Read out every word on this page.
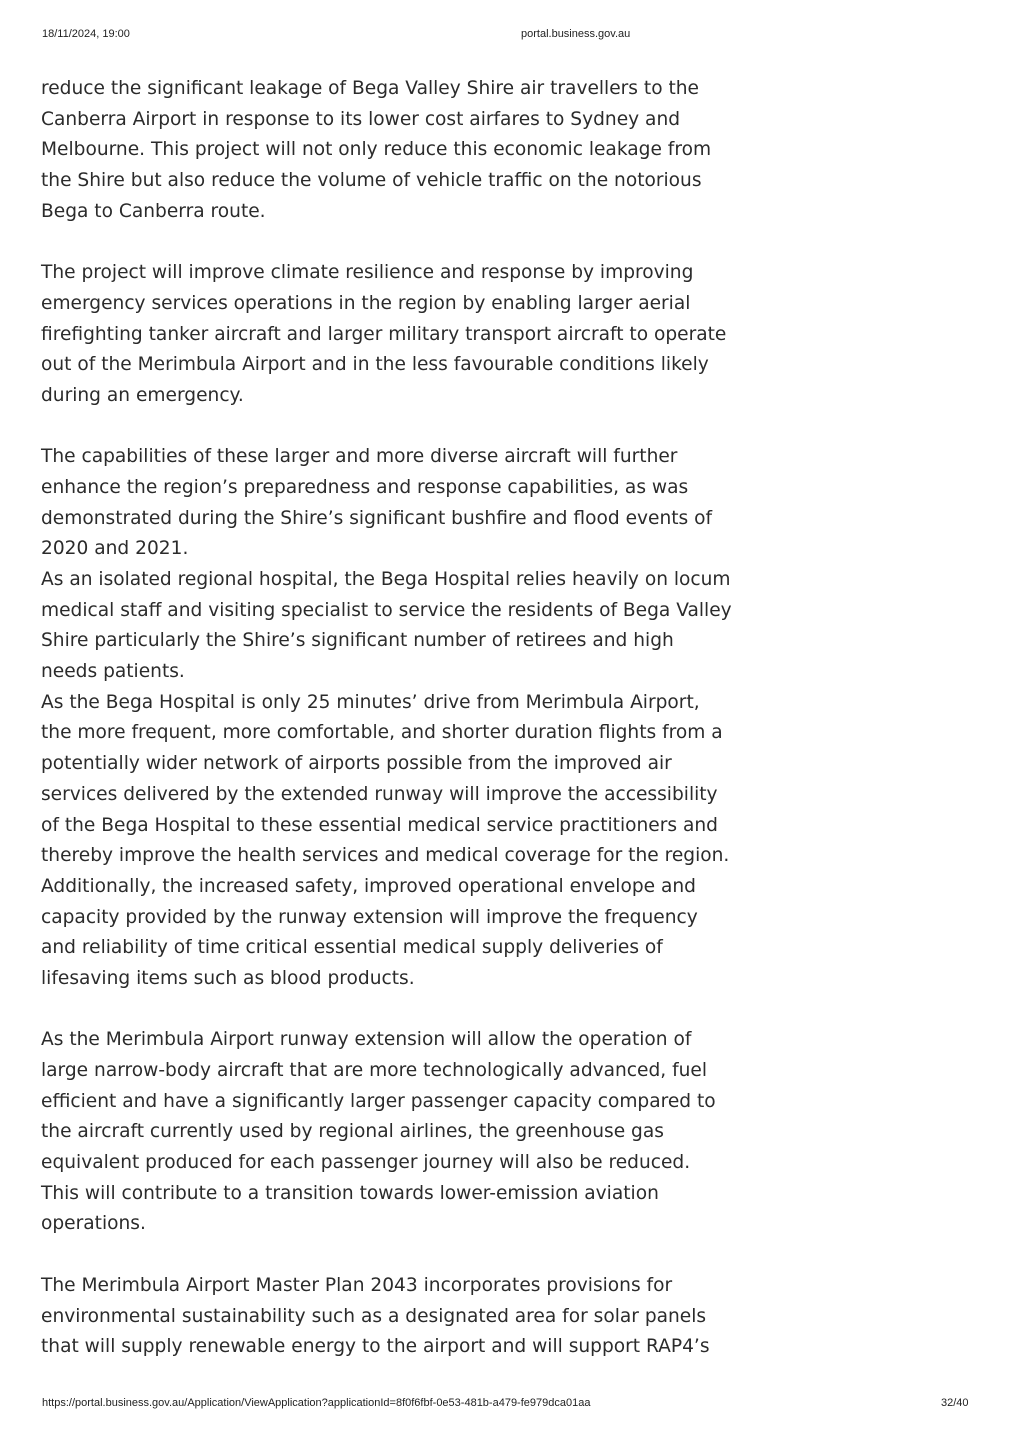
18/11/2024, 19:00	portal.business.gov.au
reduce the significant leakage of Bega Valley Shire air travellers to the
Canberra Airport in response to its lower cost airfares to Sydney and
Melbourne. This project will not only reduce this economic leakage from
the Shire but also reduce the volume of vehicle traffic on the notorious
Bega to Canberra route.
The project will improve climate resilience and response by improving
emergency services operations in the region by enabling larger aerial
firefighting tanker aircraft and larger military transport aircraft to operate
out of the Merimbula Airport and in the less favourable conditions likely
during an emergency.
The capabilities of these larger and more diverse aircraft will further
enhance the region’s preparedness and response capabilities, as was
demonstrated during the Shire’s significant bushfire and flood events of
2020 and 2021.
As an isolated regional hospital, the Bega Hospital relies heavily on locum
medical staff and visiting specialist to service the residents of Bega Valley
Shire particularly the Shire’s significant number of retirees and high
needs patients.
As the Bega Hospital is only 25 minutes’ drive from Merimbula Airport,
the more frequent, more comfortable, and shorter duration flights from a
potentially wider network of airports possible from the improved air
services delivered by the extended runway will improve the accessibility
of the Bega Hospital to these essential medical service practitioners and
thereby improve the health services and medical coverage for the region.
Additionally, the increased safety, improved operational envelope and
capacity provided by the runway extension will improve the frequency
and reliability of time critical essential medical supply deliveries of
lifesaving items such as blood products.
As the Merimbula Airport runway extension will allow the operation of
large narrow-body aircraft that are more technologically advanced, fuel
efficient and have a significantly larger passenger capacity compared to
the aircraft currently used by regional airlines, the greenhouse gas
equivalent produced for each passenger journey will also be reduced.
This will contribute to a transition towards lower-emission aviation
operations.
The Merimbula Airport Master Plan 2043 incorporates provisions for
environmental sustainability such as a designated area for solar panels
that will supply renewable energy to the airport and will support RAP4’s
https://portal.business.gov.au/Application/ViewApplication?applicationId=8f0f6fbf-0e53-481b-a479-fe979dca01aa	32/40
